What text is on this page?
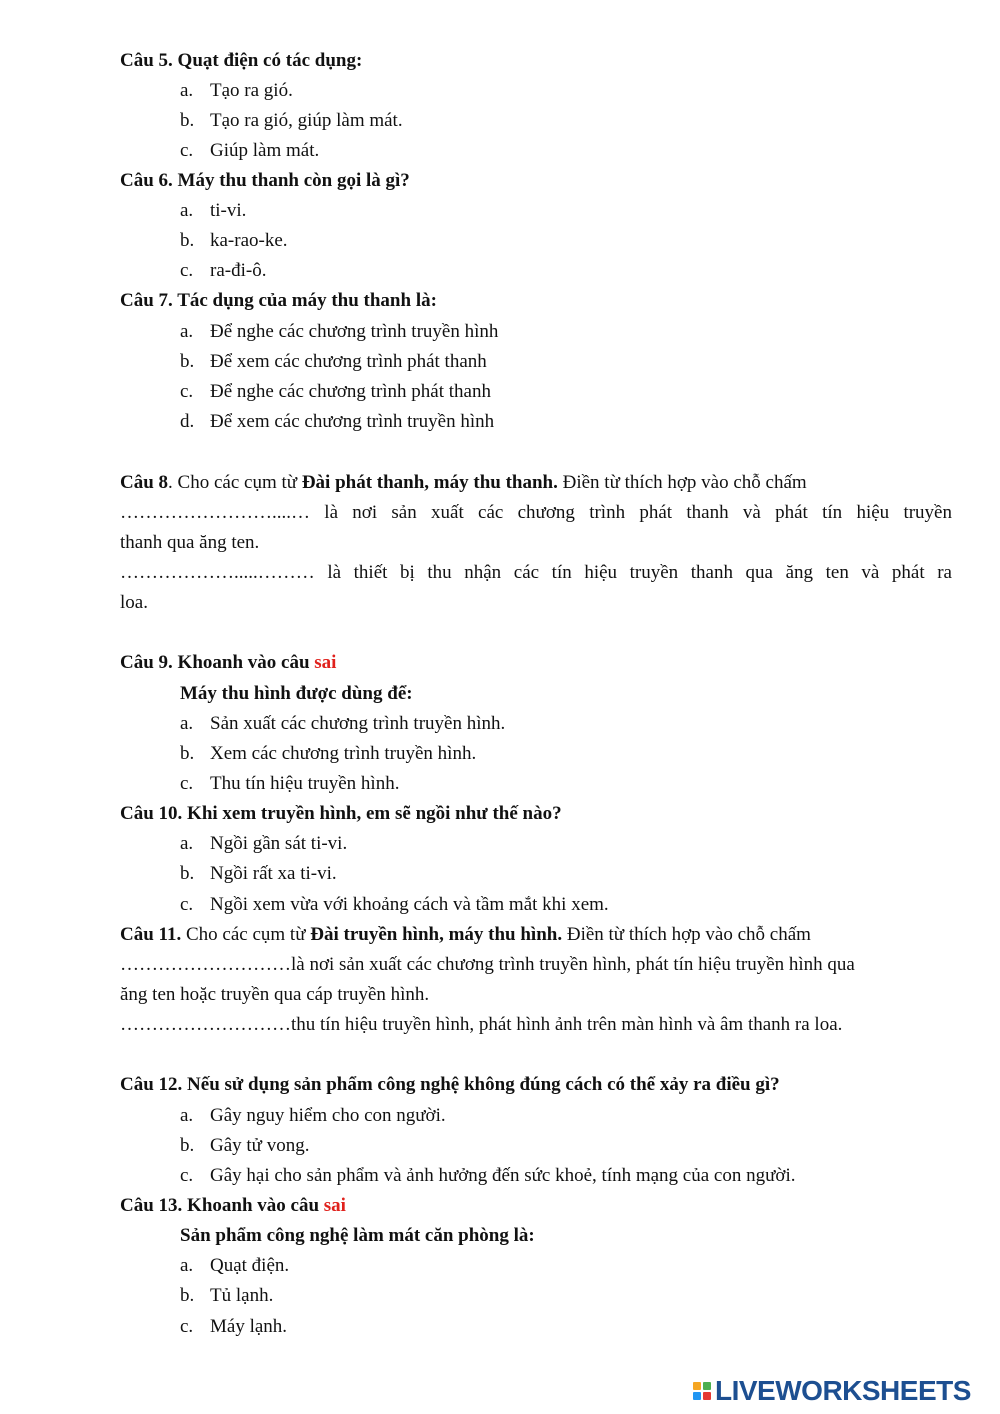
Câu 5. Quạt điện có tác dụng:
a. Tạo ra gió.
b. Tạo ra gió, giúp làm mát.
c. Giúp làm mát.
Câu 6. Máy thu thanh còn gọi là gì?
a. ti-vi.
b. ka-rao-ke.
c. ra-đi-ô.
Câu 7. Tác dụng của máy thu thanh là:
a. Để nghe các chương trình truyền hình
b. Để xem các chương trình phát thanh
c. Để nghe các chương trình phát thanh
d. Để xem các chương trình truyền hình
Câu 8. Cho các cụm từ Đài phát thanh, máy thu thanh. Điền từ thích hợp vào chỗ chấm
……………………....… là nơi sản xuất các chương trình phát thanh và phát tín hiệu truyền
thanh qua ăng ten.
……………….....……… là thiết bị thu nhận các tín hiệu truyền thanh qua ăng ten và phát ra
loa.
Câu 9. Khoanh vào câu sai
Máy thu hình được dùng để:
a. Sản xuất các chương trình truyền hình.
b. Xem các chương trình truyền hình.
c. Thu tín hiệu truyền hình.
Câu 10. Khi xem truyền hình, em sẽ ngồi như thế nào?
a. Ngồi gần sát ti-vi.
b. Ngồi rất xa ti-vi.
c. Ngồi xem vừa với khoảng cách và tầm mắt khi xem.
Câu 11. Cho các cụm từ Đài truyền hình, máy thu hình. Điền từ thích hợp vào chỗ chấm
………………………là nơi sản xuất các chương trình truyền hình, phát tín hiệu truyền hình qua
ăng ten hoặc truyền qua cáp truyền hình.
………………………thu tín hiệu truyền hình, phát hình ảnh trên màn hình và âm thanh ra loa.
Câu 12. Nếu sử dụng sản phẩm công nghệ không đúng cách có thể xảy ra điều gì?
a. Gây nguy hiểm cho con người.
b. Gây tử vong.
c. Gây hại cho sản phẩm và ảnh hưởng đến sức khoẻ, tính mạng của con người.
Câu 13. Khoanh vào câu sai
Sản phẩm công nghệ làm mát căn phòng là:
a. Quạt điện.
b. Tủ lạnh.
c. Máy lạnh.
LIVEWORKSHEETS
